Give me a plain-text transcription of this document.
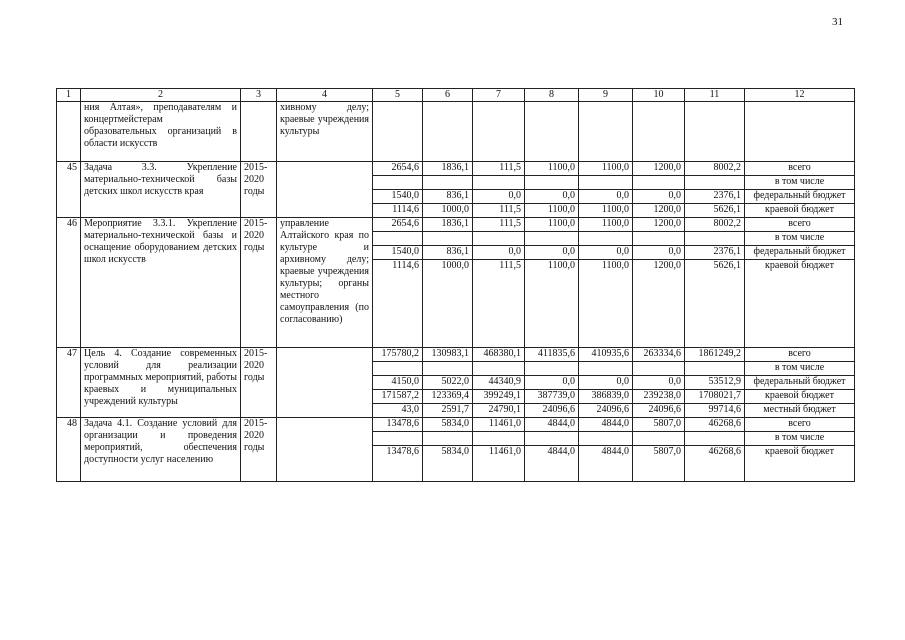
31
1	2	3	4	5	6	7	8	9	10	11	12
	ния Алтая», преподавателям и концертмейстерам образовательных организаций в области искусств		хивному делу; краевые учреждения культуры								
45	Задача 3.3. Укрепление материально-технической базы детских школ искусств края	2015-2020 годы		2654,6	1836,1	111,5	1100,0	1100,0	1200,0	8002,2	всего
											в том числе
				1540,0	836,1	0,0	0,0	0,0	0,0	2376,1	федеральный бюджет
				1114,6	1000,0	111,5	1100,0	1100,0	1200,0	5626,1	краевой бюджет
46	Мероприятие 3.3.1. Укрепление материально-технической базы и оснащение оборудованием детских школ искусств	2015-2020 годы	управление Алтайского края по культуре и архивному делу; краевые учреждения культуры; органы местного самоуправления (по согласованию)	2654,6	1836,1	111,5	1100,0	1100,0	1200,0	8002,2	всего
											в том числе
				1540,0	836,1	0,0	0,0	0,0	0,0	2376,1	федеральный бюджет
				1114,6	1000,0	111,5	1100,0	1100,0	1200,0	5626,1	краевой бюджет
47	Цель 4. Создание современных условий для реализации программных мероприятий, работы краевых и муниципальных учреждений культуры	2015-2020 годы		175780,2	130983,1	468380,1	411835,6	410935,6	263334,6	1861249,2	всего
											в том числе
				4150,0	5022,0	44340,9	0,0	0,0	0,0	53512,9	федеральный бюджет
				171587,2	123369,4	399249,1	387739,0	386839,0	239238,0	1708021,7	краевой бюджет
				43,0	2591,7	24790,1	24096,6	24096,6	24096,6	99714,6	местный бюджет
48	Задача 4.1. Создание условий для организации и проведения мероприятий, обеспечения доступности услуг населению	2015-2020 годы		13478,6	5834,0	11461,0	4844,0	4844,0	5807,0	46268,6	всего
											в том числе
				13478,6	5834,0	11461,0	4844,0	4844,0	5807,0	46268,6	краевой бюджет
